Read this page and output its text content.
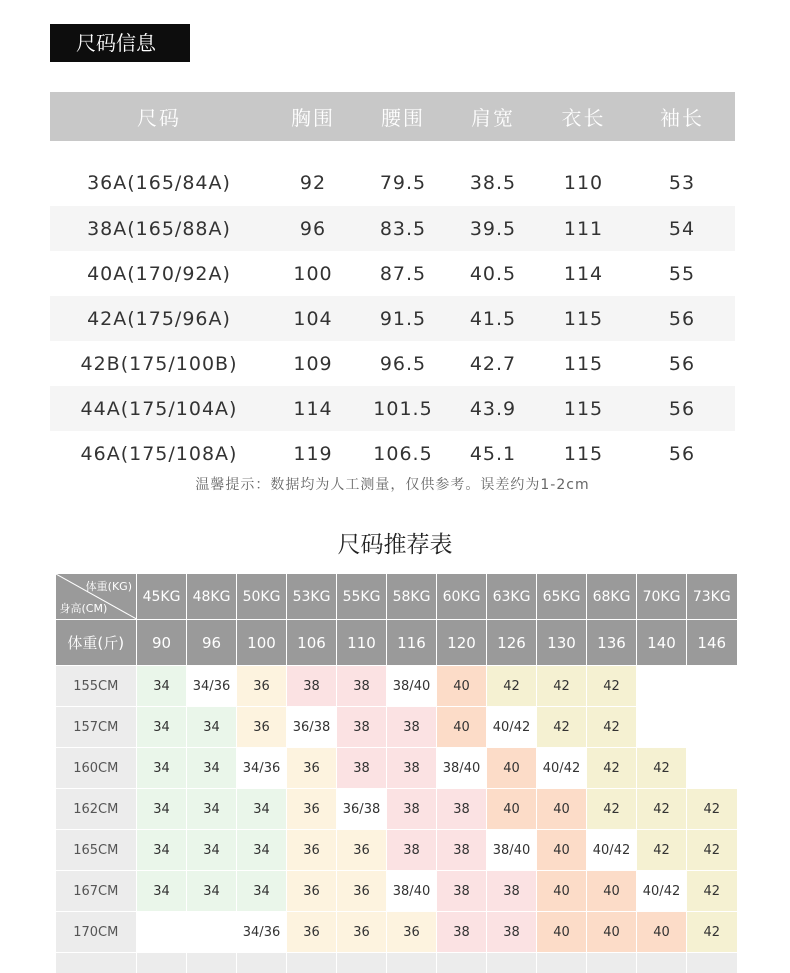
尺码信息
尺码	胸围	腰围	肩宽	衣长	袖长
36A(165/84A)	92	79.5	38.5	110	53
38A(165/88A)	96	83.5	39.5	111	54
40A(170/92A)	100	87.5	40.5	114	55
42A(175/96A)	104	91.5	41.5	115	56
42B(175/100B)	109	96.5	42.7	115	56
44A(175/104A)	114	101.5	43.9	115	56
46A(175/108A)	119	106.5	45.1	115	56
温馨提示：数据均为人工测量，仅供参考。误差约为1-2cm
尺码推荐表
体重(KG)
身高(CM)	45KG	48KG	50KG	53KG	55KG	58KG	60KG	63KG	65KG	68KG	70KG	73KG
体重(斤)	90	96	100	106	110	116	120	126	130	136	140	146
155CM	34	34/36	36	38	38	38/40	40	42	42	42		
157CM	34	34	36	36/38	38	38	40	40/42	42	42		
160CM	34	34	34/36	36	38	38	38/40	40	40/42	42	42	
162CM	34	34	34	36	36/38	38	38	40	40	42	42	42
165CM	34	34	34	36	36	38	38	38/40	40	40/42	42	42
167CM	34	34	34	36	36	38/40	38	38	40	40	40/42	42
170CM			34/36	36	36	36	38	38	40	40	40	42
